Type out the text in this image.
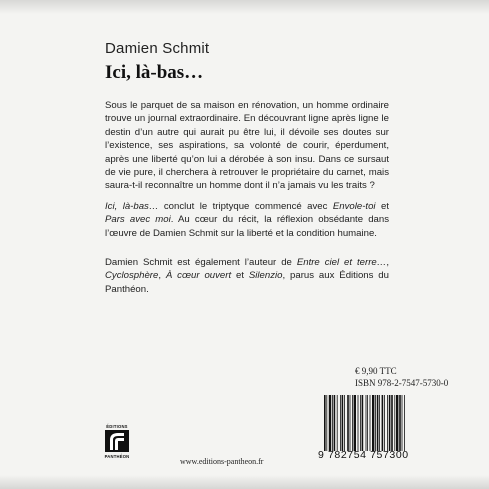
Damien Schmit
Ici, là-bas…

Sous le parquet de sa maison en rénovation, un homme ordinaire trouve un journal extraordinaire. En découvrant ligne après ligne le destin d’un autre qui aurait pu être lui, il dévoile ses doutes sur l’existence, ses aspirations, sa volonté de courir, éperdument, après une liberté qu’on lui a dérobée à son insu. Dans ce sursaut de vie pure, il cherchera à retrouver le propriétaire du carnet, mais saura-t-il reconnaître un homme dont il n’a jamais vu les traits ?

Ici, là-bas… conclut le triptyque commencé avec Envole-toi et Pars avec moi. Au cœur du récit, la réflexion obsédante dans l’œuvre de Damien Schmit sur la liberté et la condition humaine.

Damien Schmit est également l’auteur de Entre ciel et terre…, Cyclosphère, À cœur ouvert et Silenzio, parus aux Éditions du Panthéon.

€ 9,90 TTC
ISBN 978-2-7547-5730-0
9 782754 757300
ÉDITIONS
PANTHÉON
www.editions-pantheon.fr
